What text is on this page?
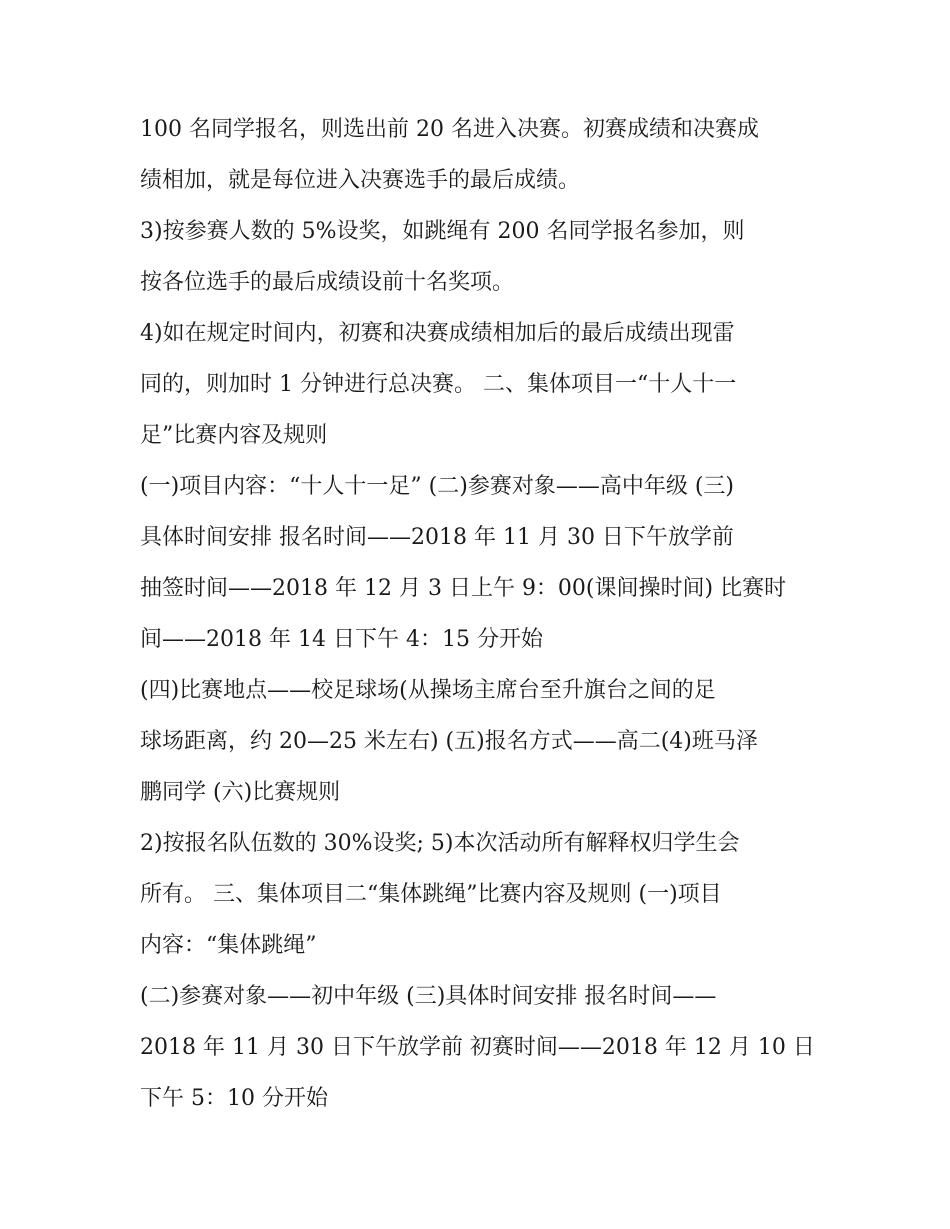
100 名同学报名，则选出前 20 名进入决赛。初赛成绩和决赛成
绩相加，就是每位进入决赛选手的最后成绩。
3)按参赛人数的 5%设奖，如跳绳有 200 名同学报名参加，则
按各位选手的最后成绩设前十名奖项。
4)如在规定时间内，初赛和决赛成绩相加后的最后成绩出现雷
同的，则加时 1 分钟进行总决赛。 二、集体项目一“十人十一
足”比赛内容及规则
(一)项目内容：“十人十一足” (二)参赛对象——高中年级 (三)
具体时间安排 报名时间——2018 年 11 月 30 日下午放学前
抽签时间——2018 年 12 月 3 日上午 9：00(课间操时间) 比赛时
间——2018 年 14 日下午 4：15 分开始
(四)比赛地点——校足球场(从操场主席台至升旗台之间的足
球场距离，约 20—25 米左右) (五)报名方式——高二(4)班马泽
鹏同学 (六)比赛规则
2)按报名队伍数的 30%设奖; 5)本次活动所有解释权归学生会
所有。 三、集体项目二“集体跳绳”比赛内容及规则 (一)项目
内容：“集体跳绳”
(二)参赛对象——初中年级 (三)具体时间安排 报名时间——
2018 年 11 月 30 日下午放学前 初赛时间——2018 年 12 月 10 日
下午 5：10 分开始
